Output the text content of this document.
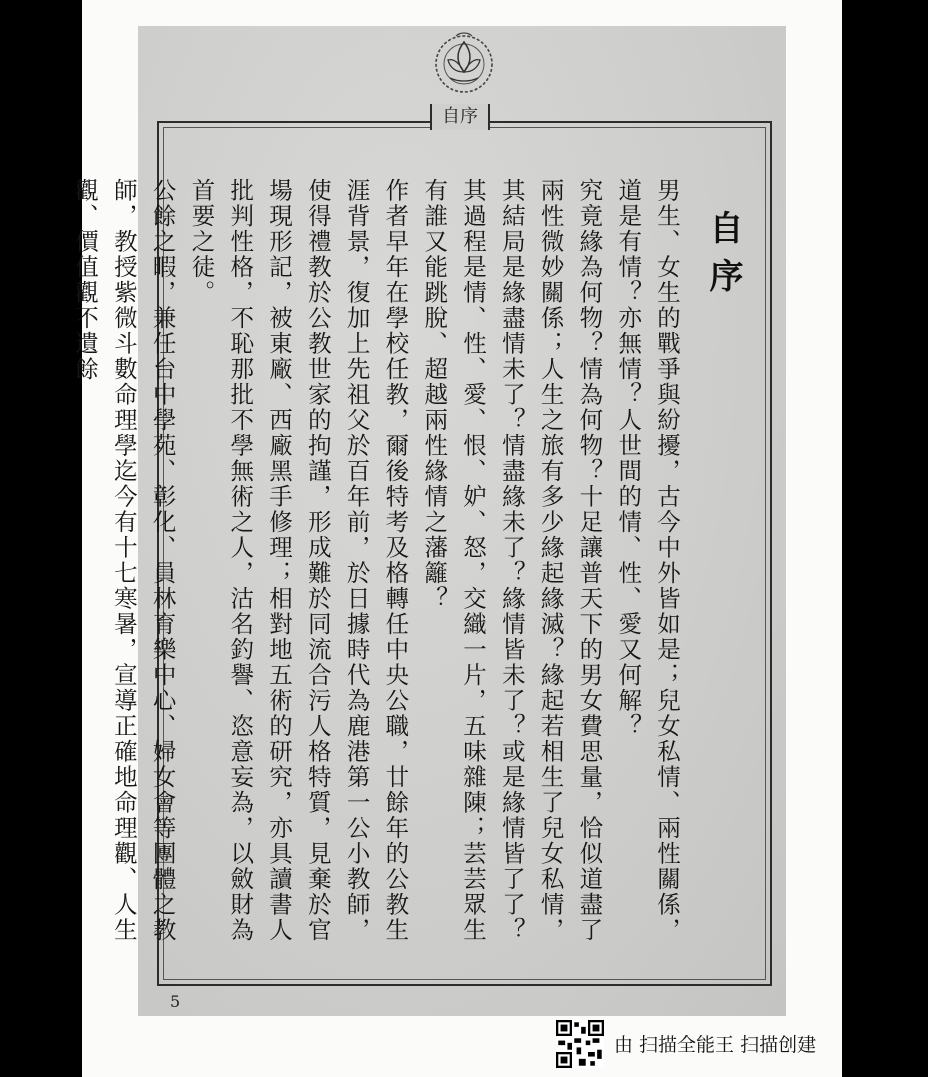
自序
自序
男生、女生的戰爭與紛擾，古今中外皆如是；兒女私情、兩性關係，道是有情？亦無情？人世間的情、性、愛又何解？
究竟緣為何物？情為何物？十足讓普天下的男女費思量，恰似道盡了兩性微妙關係；人生之旅有多少緣起緣滅？緣起若相生了兒女私情，其結局是緣盡情未了？情盡緣未了？緣情皆未了？或是緣情皆了了？其過程是情、性、愛、恨、妒、怒，交織一片，五味雜陳；芸芸眾生有誰又能跳脫、超越兩性緣情之藩籬？
作者早年在學校任教，爾後特考及格轉任中央公職，廿餘年的公教生涯背景，復加上先祖父於百年前，於日據時代為鹿港第一公小教師，使得禮教於公教世家的拘謹，形成難於同流合污人格特質，見棄於官場現形記，被東廠、西廠黑手修理；相對地五術的研究，亦具讀書人批判性格，不恥那批不學無術之人，沽名釣譽、恣意妄為，以斂財為首要之徒。
公餘之暇，兼任台中學苑、彰化、員林育樂中心、婦女會等團體之教師，教授紫微斗數命理學迄今有十七寒暑，宣導正確地命理觀、人生觀、價值觀不遺餘
5
由 扫描全能王 扫描创建
